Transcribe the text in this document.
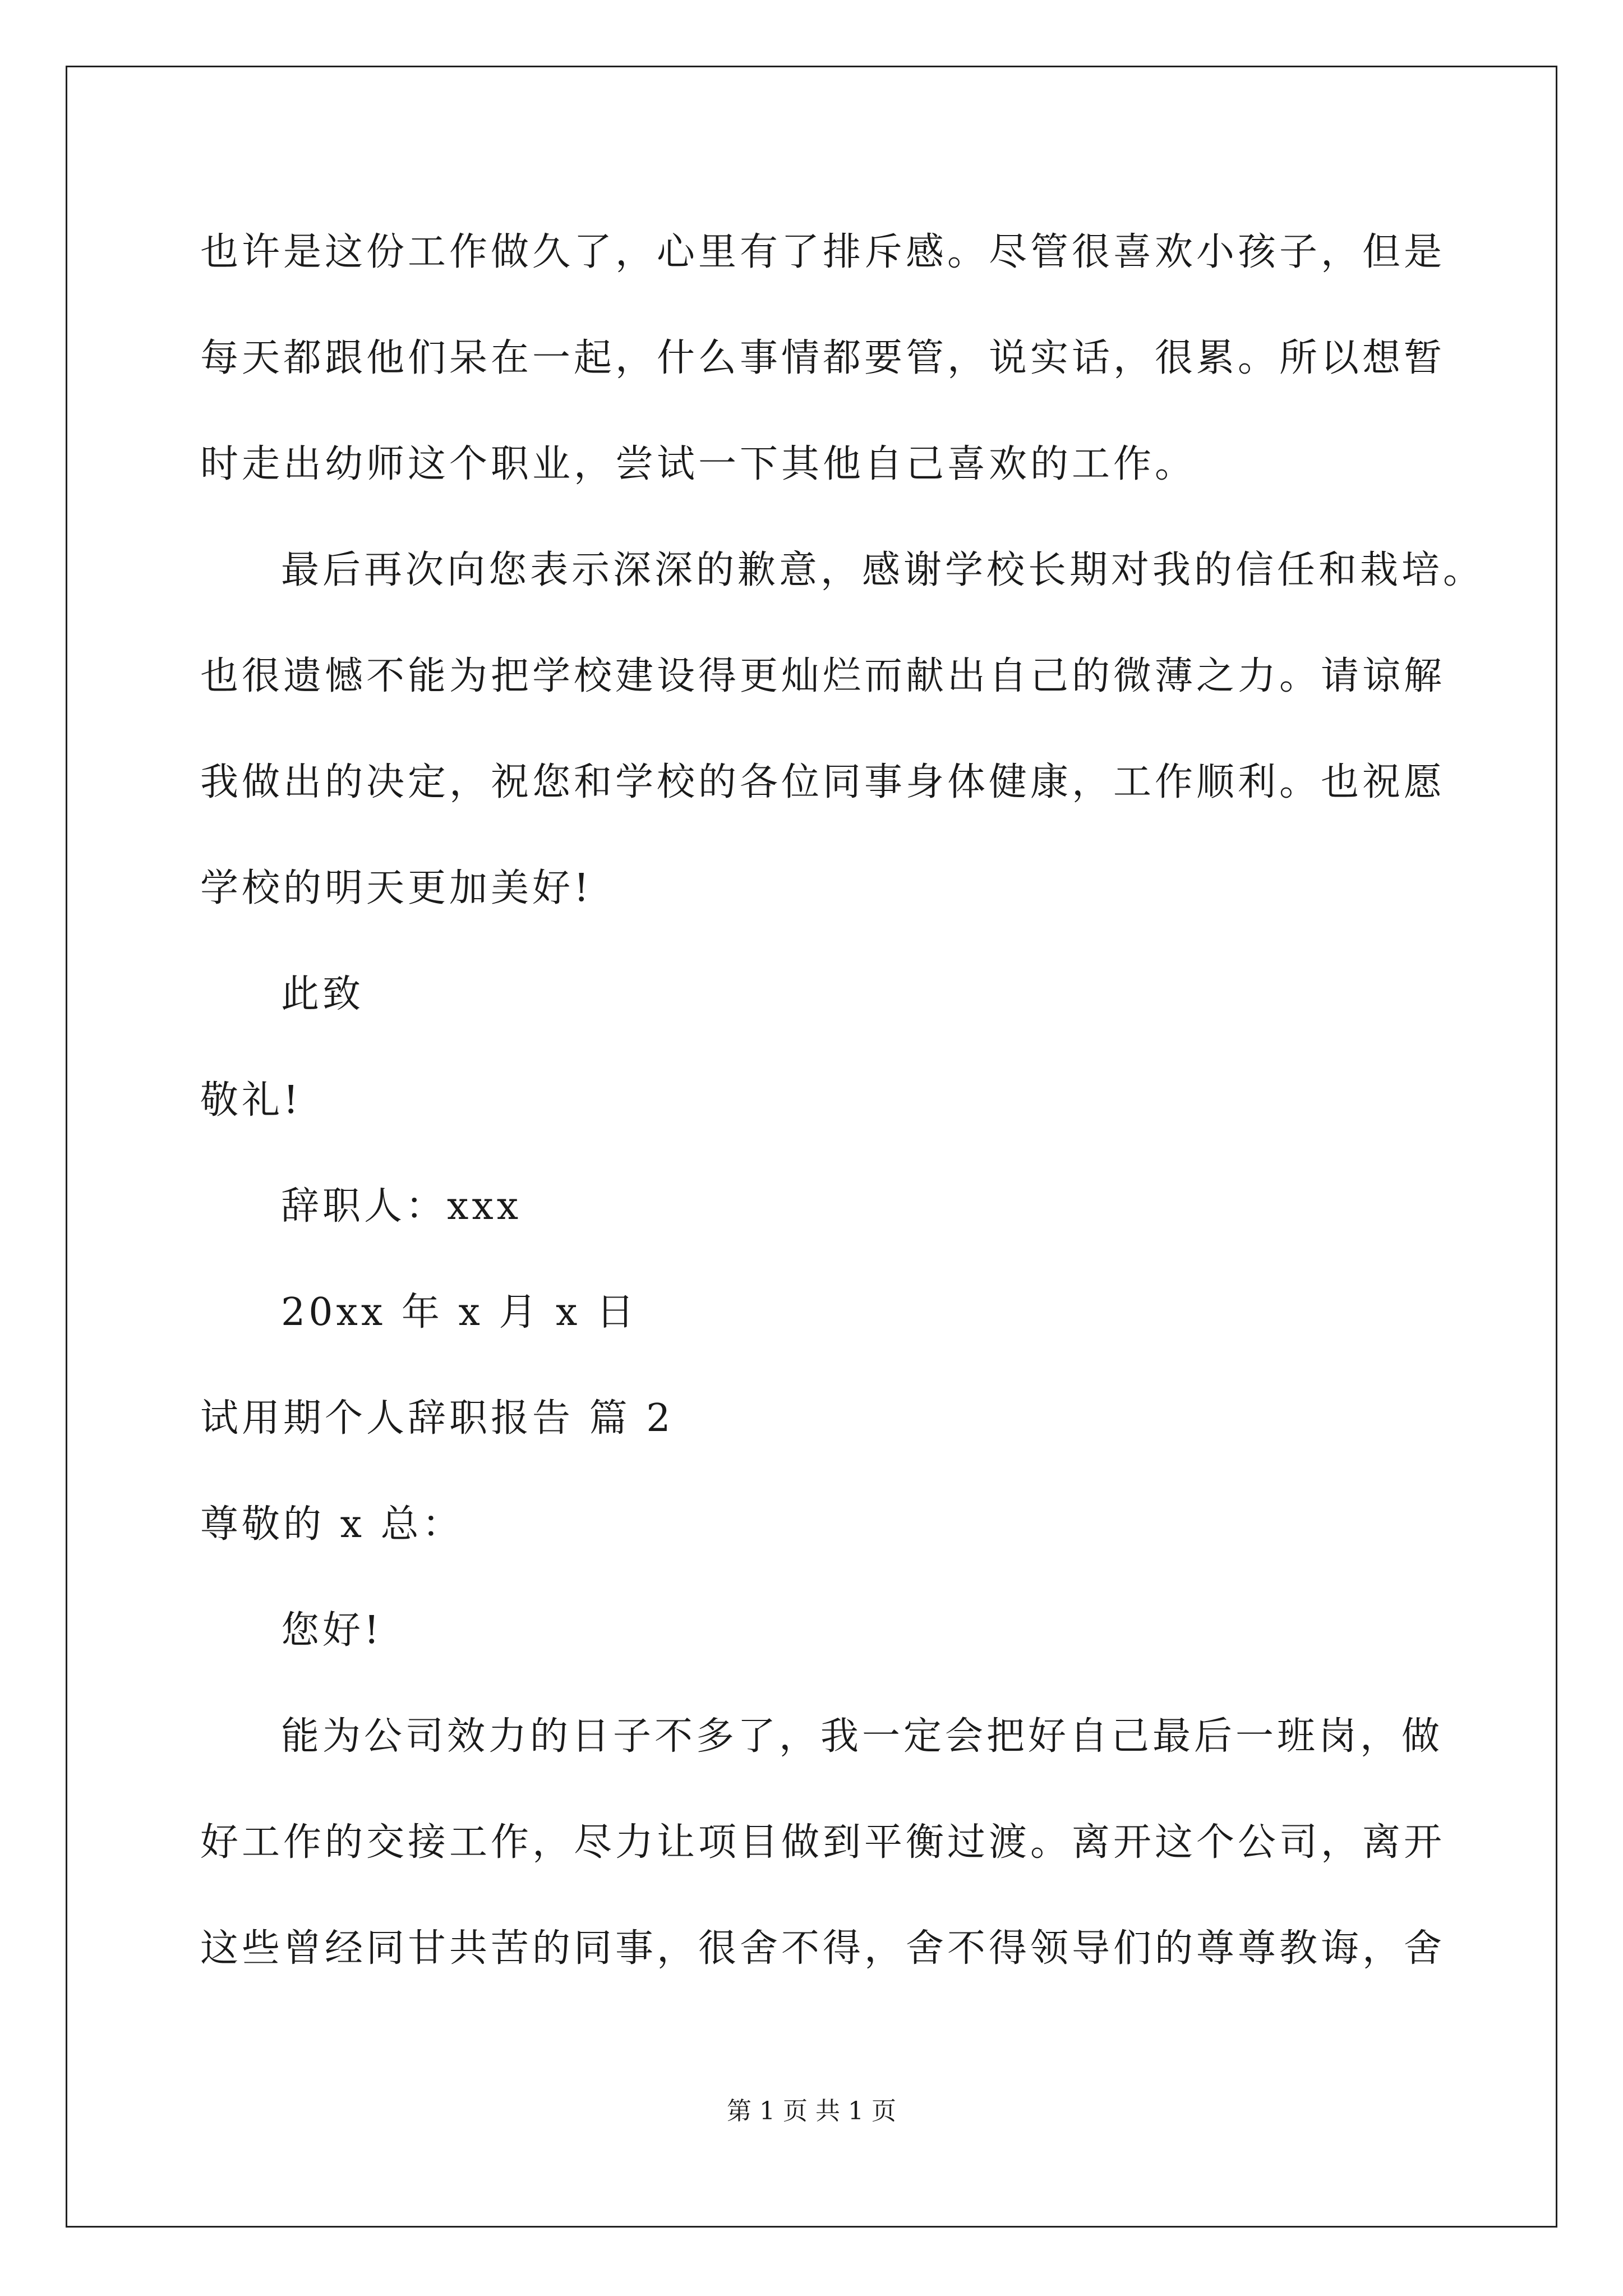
也许是这份工作做久了，心里有了排斥感。尽管很喜欢小孩子，但是
每天都跟他们呆在一起，什么事情都要管，说实话，很累。所以想暂
时走出幼师这个职业，尝试一下其他自己喜欢的工作。
最后再次向您表示深深的歉意，感谢学校长期对我的信任和栽培。
也很遗憾不能为把学校建设得更灿烂而献出自己的微薄之力。请谅解
我做出的决定，祝您和学校的各位同事身体健康，工作顺利。也祝愿
学校的明天更加美好!
此致
敬礼!
辞职人：xxx
20xx 年 x 月 x 日
试用期个人辞职报告 篇 2
尊敬的 x 总：
您好!
能为公司效力的日子不多了，我一定会把好自己最后一班岗，做
好工作的交接工作，尽力让项目做到平衡过渡。离开这个公司，离开
这些曾经同甘共苦的同事，很舍不得，舍不得领导们的尊尊教诲，舍
第 1 页 共 1 页
